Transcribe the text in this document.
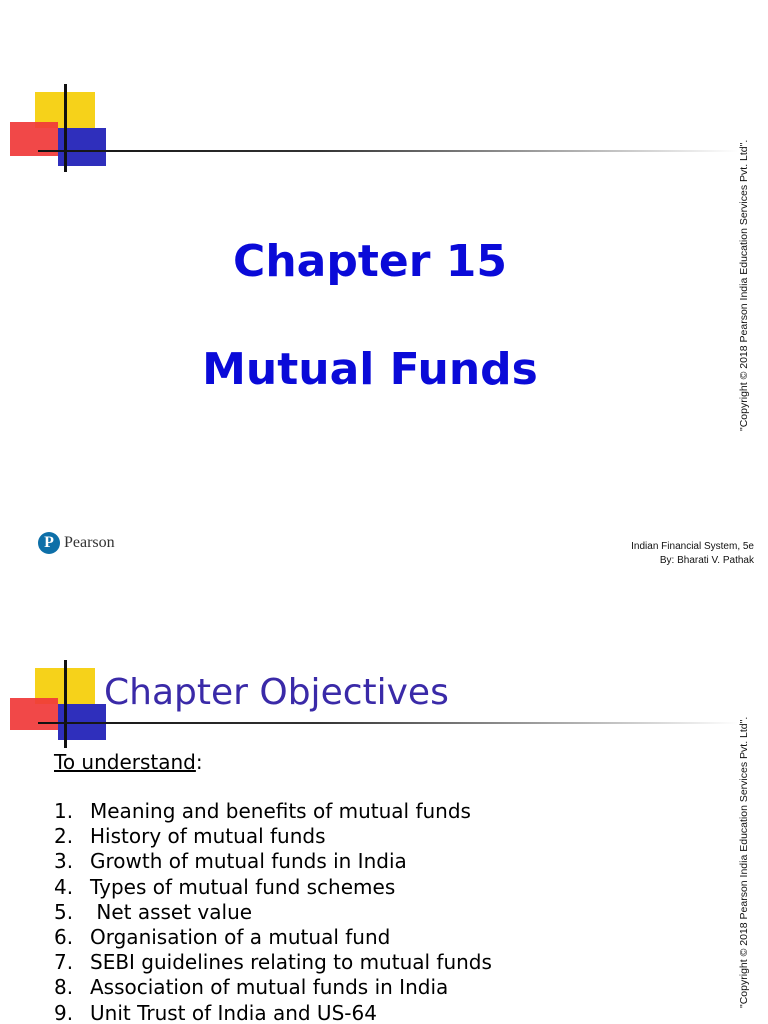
Chapter 15
Mutual Funds	"Copyright © 2018 Pearson India Education Services Pvt. Ltd".
P Pearson	Indian Financial System, 5e
By: Bharati V. Pathak
Chapter Objectives
To understand:
1. Meaning and benefits of mutual funds
2. History of mutual funds
3. Growth of mutual funds in India
4. Types of mutual fund schemes
5. Net asset value
6. Organisation of a mutual fund
7. SEBI guidelines relating to mutual funds
8. Association of mutual funds in India
9. Unit Trust of India and US-64
"Copyright © 2018 Pearson India Education Services Pvt. Ltd".
